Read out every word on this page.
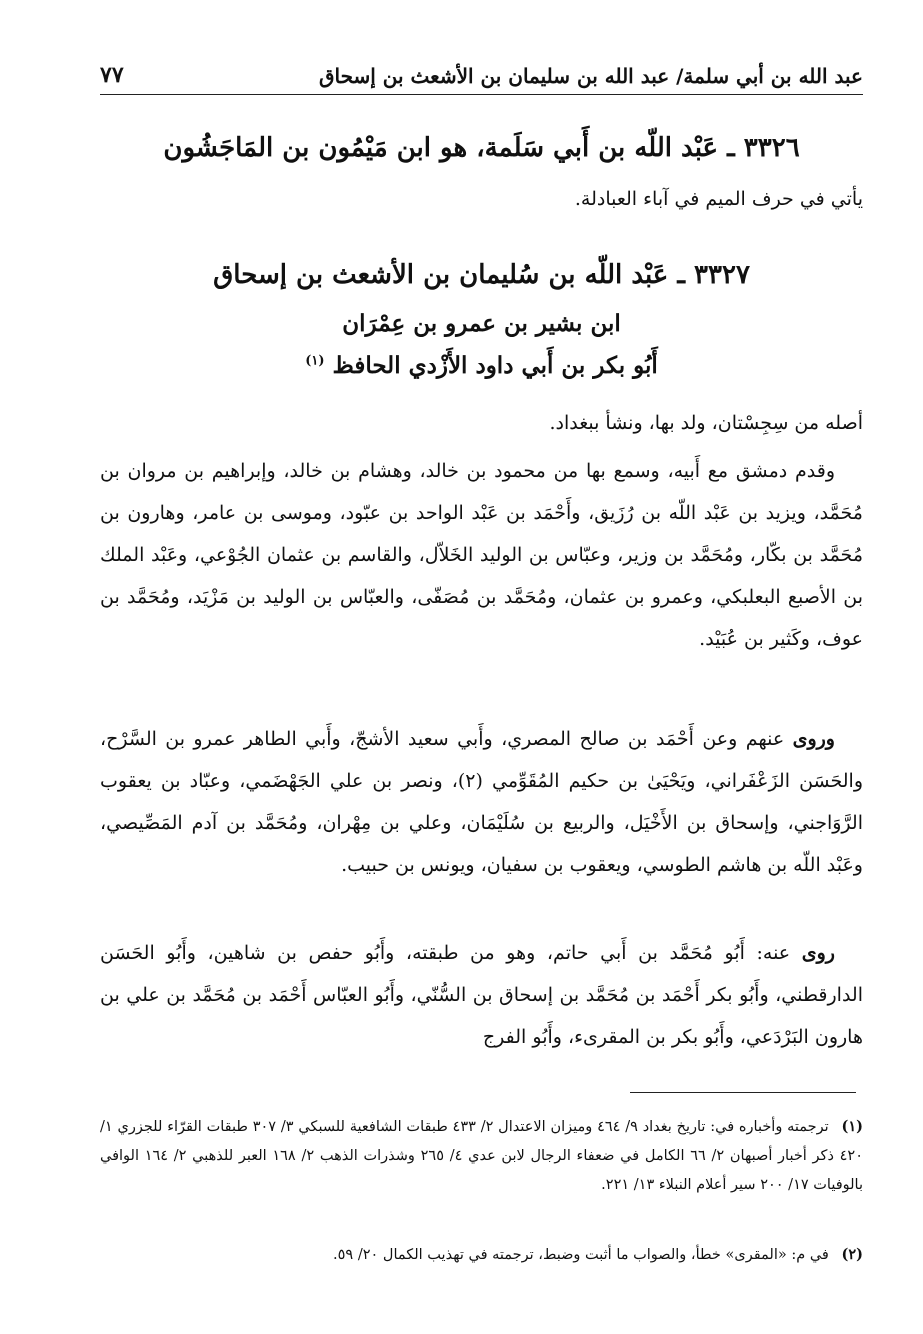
عبد الله بن أبي سلمة/ عبد الله بن سليمان بن الأشعث بن إسحاق
٧٧
٣٣٢٦ ـ عَبْد اللّه بن أَبي سَلَمة، هو ابن مَيْمُون بن المَاجَشُون
يأتي في حرف الميم في آباء العبادلة.
٣٣٢٧ ـ عَبْد اللّه بن سُليمان بن الأشعث بن إسحاق
ابن بشير بن عمرو بن عِمْرَان
أَبُو بكر بن أَبي داود الأَزْدي الحافظ $^{(١)}$
أصله من سِجِسْتان، ولد بها، ونشأ ببغداد.
وقدم دمشق مع أَبيه، وسمع بها من محمود بن خالد، وهشام بن خالد، وإبراهيم بن مروان بن مُحَمَّد، ويزيد بن عَبْد اللّه بن رُزَيق، وأَحْمَد بن عَبْد الواحد بن عبّود، وموسى بن عامر، وهارون بن مُحَمَّد بن بكّار، ومُحَمَّد بن وزير، وعبّاس بن الوليد الخَلاّل، والقاسم بن عثمان الجُوْعي، وعَبْد الملك بن الأصبع البعلبكي، وعمرو بن عثمان، ومُحَمَّد بن مُصَفّى، والعبّاس بن الوليد بن مَزْيَد، ومُحَمَّد بن عوف، وكَثير بن عُبَيْد.
وروى عنهم وعن أَحْمَد بن صالح المصري، وأَبي سعيد الأشجّ، وأَبي الطاهر عمرو بن السَّرْح، والحَسَن الزَعْفَراني، ويَحْيَىٰ بن حكيم المُقَوِّمي (٢)، ونصر بن علي الجَهْضَمي، وعبّاد بن يعقوب الرَّوَاجني، وإسحاق بن الأَخْيَل، والربيع بن سُلَيْمَان، وعلي بن مِهْران، ومُحَمَّد بن آدم المَصِّيصي، وعَبْد اللّه بن هاشم الطوسي، ويعقوب بن سفيان، ويونس بن حبيب.
روى عنه: أَبُو مُحَمَّد بن أَبي حاتم، وهو من طبقته، وأَبُو حفص بن شاهين، وأَبُو الحَسَن الدارقطني، وأَبُو بكر أَحْمَد بن مُحَمَّد بن إسحاق بن السُّنّي، وأَبُو العبّاس أَحْمَد بن مُحَمَّد بن علي بن هارون البَرْدَعي، وأَبُو بكر بن المقرىء، وأَبُو الفرج
(١) ترجمته وأخباره في: تاريخ بغداد ٩/ ٤٦٤ وميزان الاعتدال ٢/ ٤٣٣ طبقات الشافعية للسبكي ٣/ ٣٠٧ طبقات القرّاء للجزري ١/ ٤٢٠ ذكر أخبار أصبهان ٢/ ٦٦ الكامل في ضعفاء الرجال لابن عدي ٤/ ٢٦٥ وشذرات الذهب ٢/ ١٦٨ العبر للذهبي ٢/ ١٦٤ الوافي بالوفيات ١٧/ ٢٠٠ سير أعلام النبلاء ١٣/ ٢٢١.
(٢) في م: «المقرى» خطأ، والصواب ما أثبت وضبط، ترجمته في تهذيب الكمال ٢٠/ ٥٩.
